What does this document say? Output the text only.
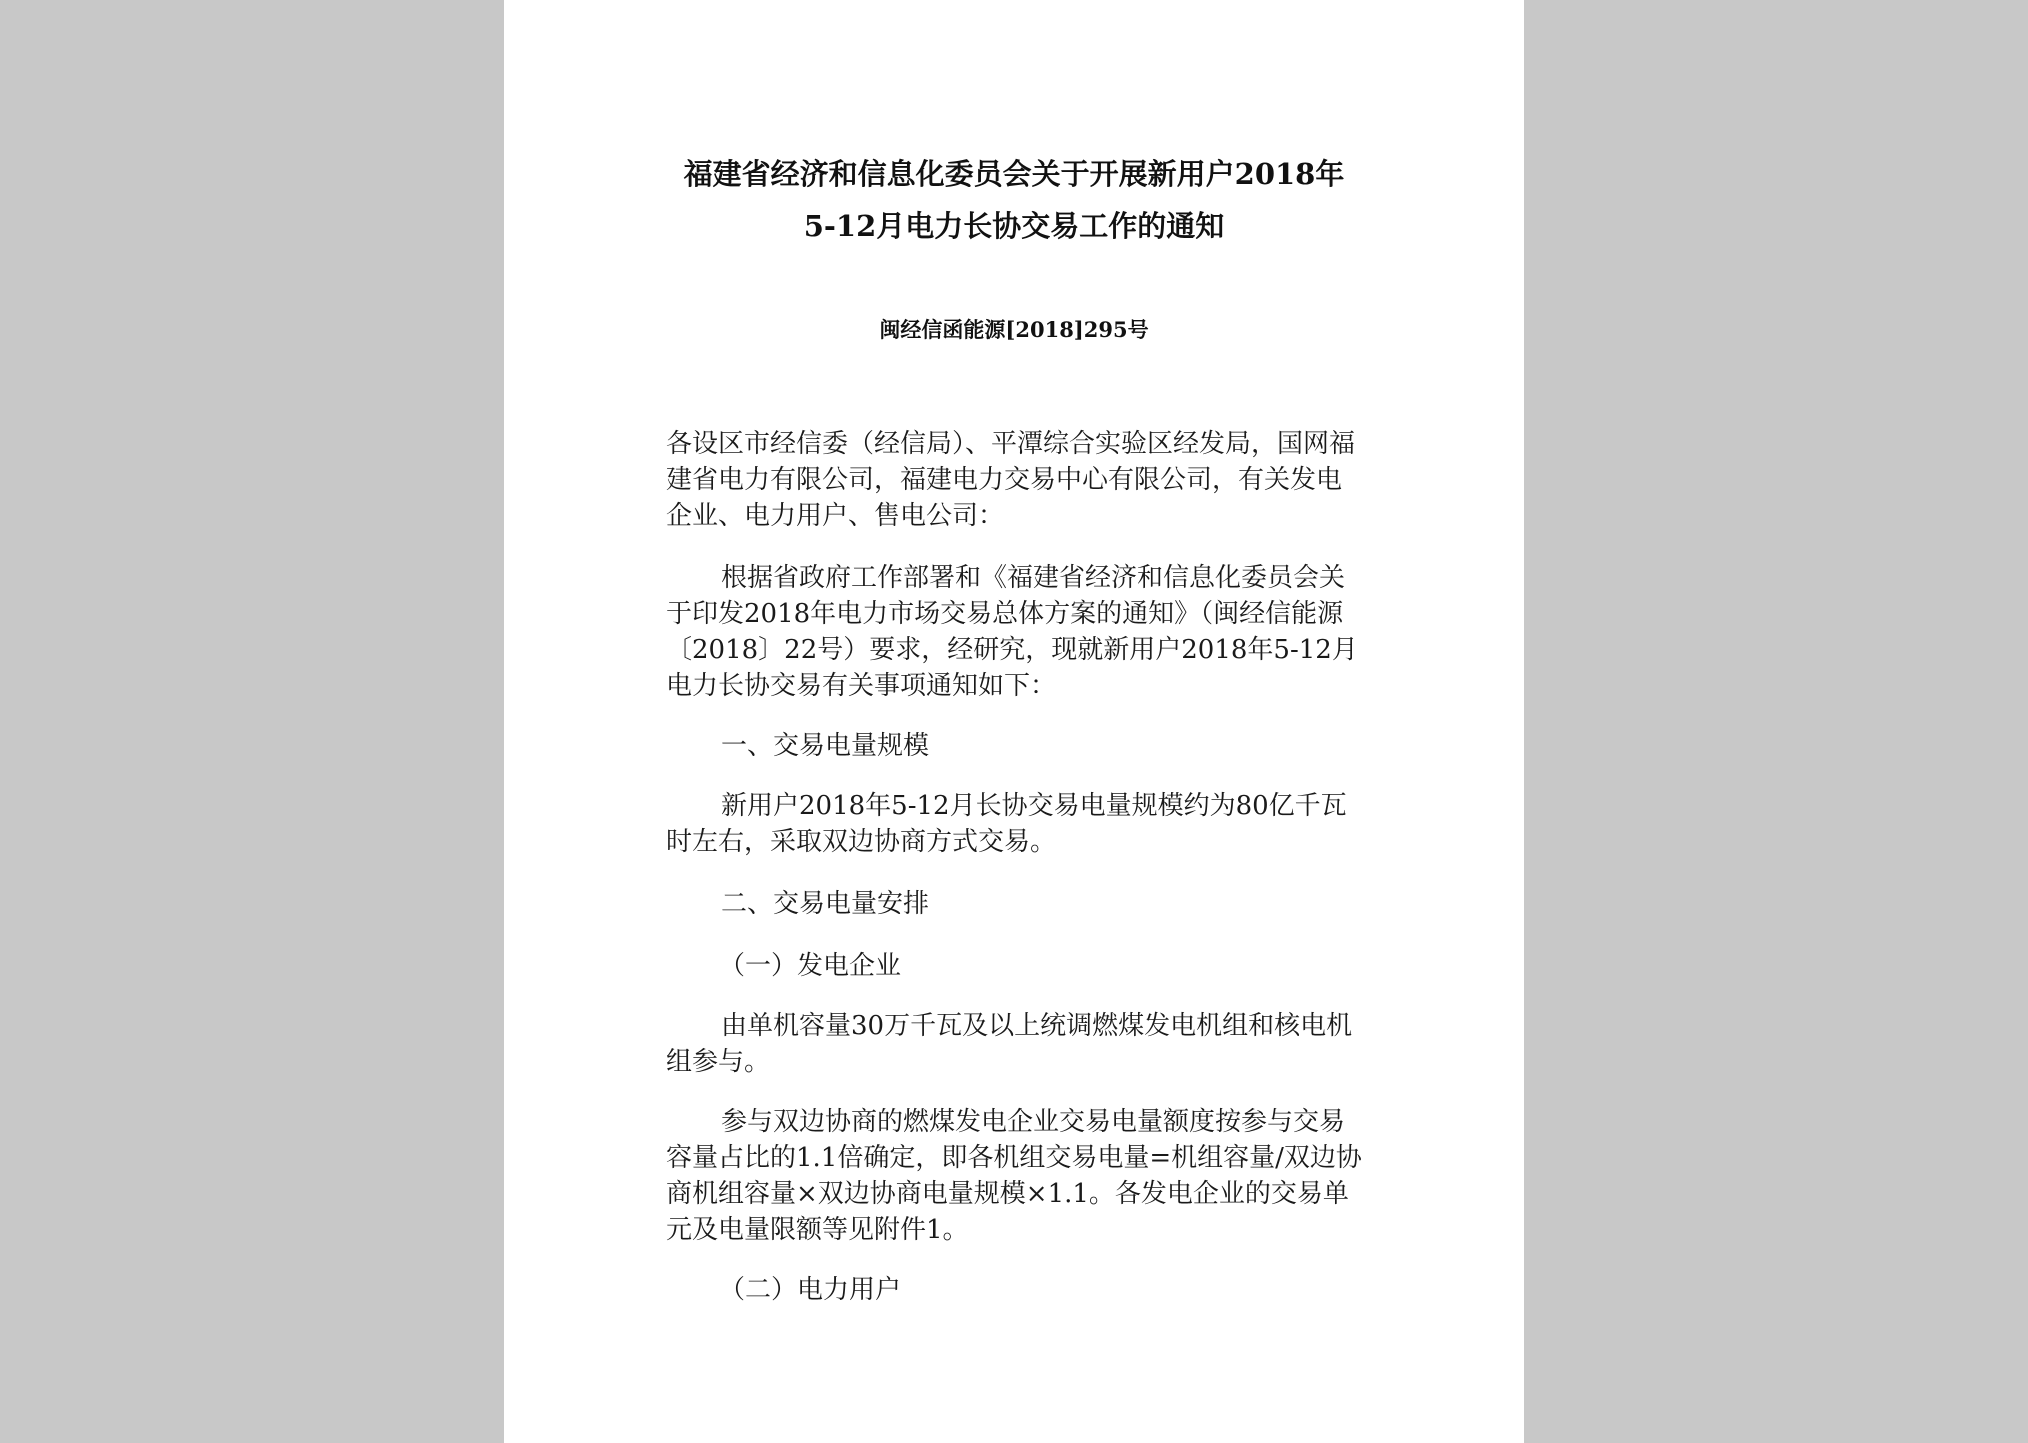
福建省经济和信息化委员会关于开展新用户2018年
5-12月电力长协交易工作的通知
闽经信函能源[2018]295号

各设区市经信委（经信局）、平潭综合实验区经发局，国网福建省电力有限公司，福建电力交易中心有限公司，有关发电企业、电力用户、售电公司：

根据省政府工作部署和《福建省经济和信息化委员会关于印发2018年电力市场交易总体方案的通知》（闽经信能源〔2018〕22号）要求，经研究，现就新用户2018年5-12月电力长协交易有关事项通知如下：

一、交易电量规模

新用户2018年5-12月长协交易电量规模约为80亿千瓦时左右，采取双边协商方式交易。

二、交易电量安排

（一）发电企业

由单机容量30万千瓦及以上统调燃煤发电机组和核电机组参与。

参与双边协商的燃煤发电企业交易电量额度按参与交易容量占比的1.1倍确定，即各机组交易电量=机组容量/双边协商机组容量×双边协商电量规模×1.1。各发电企业的交易单元及电量限额等见附件1。

（二）电力用户
